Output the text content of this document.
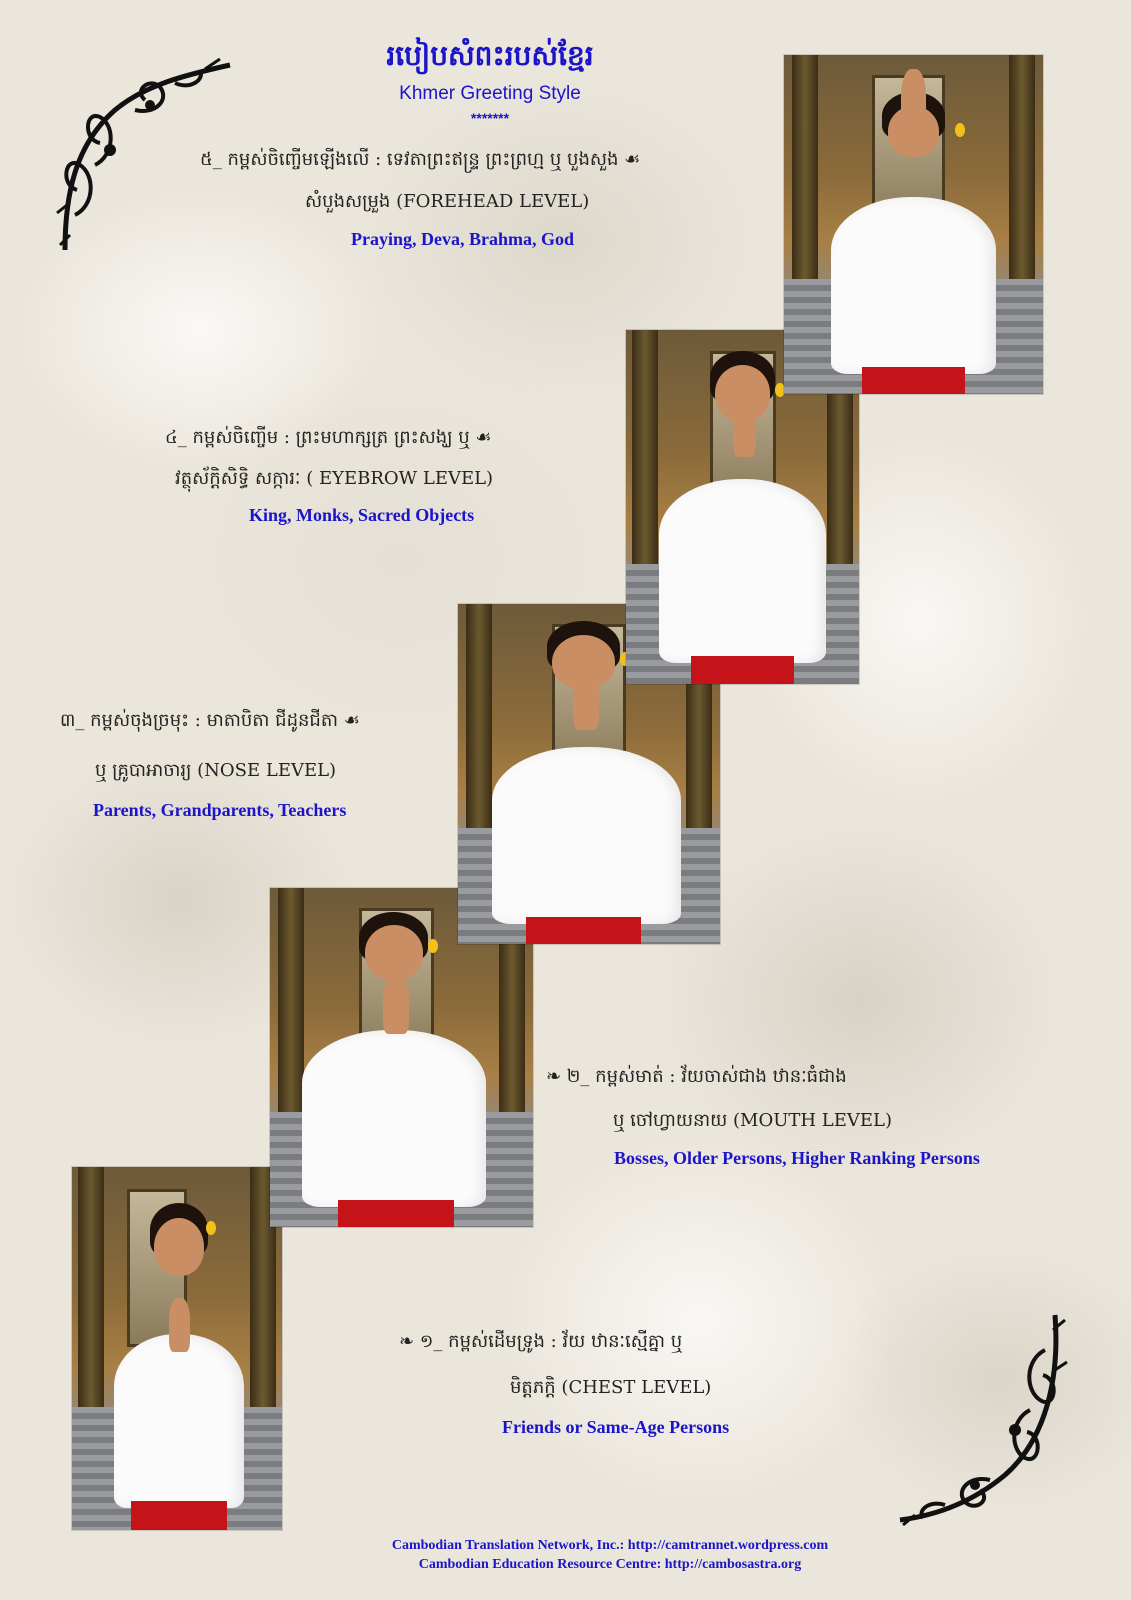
របៀបសំពះរបស់ខ្មែរ
Khmer Greeting Style
*******
៥_ កម្ពស់ចិញ្ចើមឡើងលើ : ទេវតាព្រះឥន្ទ្រ ព្រះព្រហ្ម ឬ បួងសួង ☙
សំបួងសម្រួង (FOREHEAD LEVEL)
Praying, Deva, Brahma, God
៤_ កម្ពស់ចិញ្ចើម : ព្រះមហាក្សត្រ ព្រះសង្ឃ ឬ ☙
វត្ថុស័ក្តិសិទ្ធិ សក្ការៈ ( EYEBROW LEVEL)
King, Monks, Sacred Objects
៣_ កម្ពស់ចុងច្រមុះ : មាតាបិតា ជីដូនជីតា ☙
ឬ គ្រូបាអាចារ្យ (NOSE LEVEL)
Parents, Grandparents, Teachers
❧ ២_ កម្ពស់មាត់ : វ័យចាស់ជាង ឋានៈធំជាង
ឬ ចៅហ្វាយនាយ (MOUTH LEVEL)
Bosses, Older Persons, Higher Ranking Persons
❧ ១_ កម្ពស់ដើមទ្រូង : វ័យ ឋានៈស្មើគ្នា ឬ
មិត្តភក្តិ (CHEST LEVEL)
Friends or Same-Age Persons
Cambodian Translation Network, Inc.: http://camtrannet.wordpress.com
Cambodian Education Resource Centre: http://cambosastra.org
